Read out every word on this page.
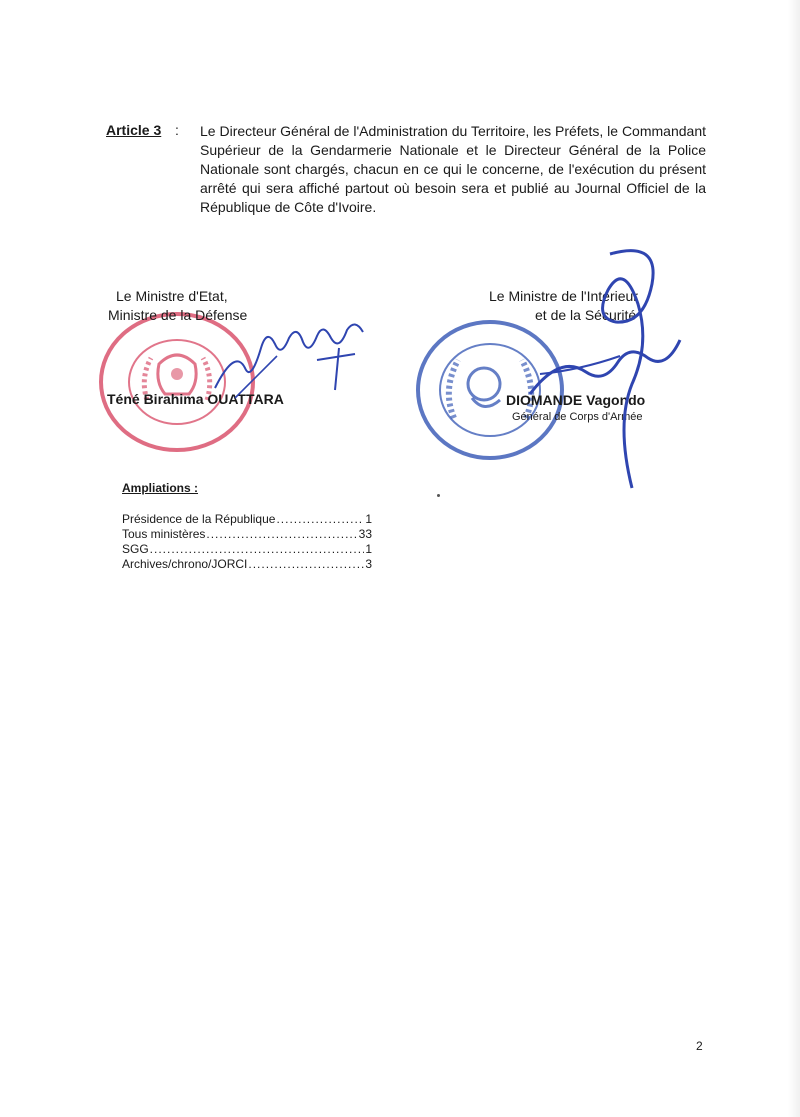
Article 3 : Le Directeur Général de l'Administration du Territoire, les Préfets, le Commandant Supérieur de la Gendarmerie Nationale et le Directeur Général de la Police Nationale sont chargés, chacun en ce qui le concerne, de l'exécution du présent arrêté qui sera affiché partout où besoin sera et publié au Journal Officiel de la République de Côte d'Ivoire.
Le Ministre d'Etat,
Ministre de la Défense
Téné Birahima OUATTARA
Le Ministre de l'Intérieur
et de la Sécurité
DIOMANDE Vagondo
Général de Corps d'Armée
Ampliations :
Présidence de la République .....	1
Tous ministères .....	33
SGG .....	1
Archives/chrono/JORCI .....	3
2
